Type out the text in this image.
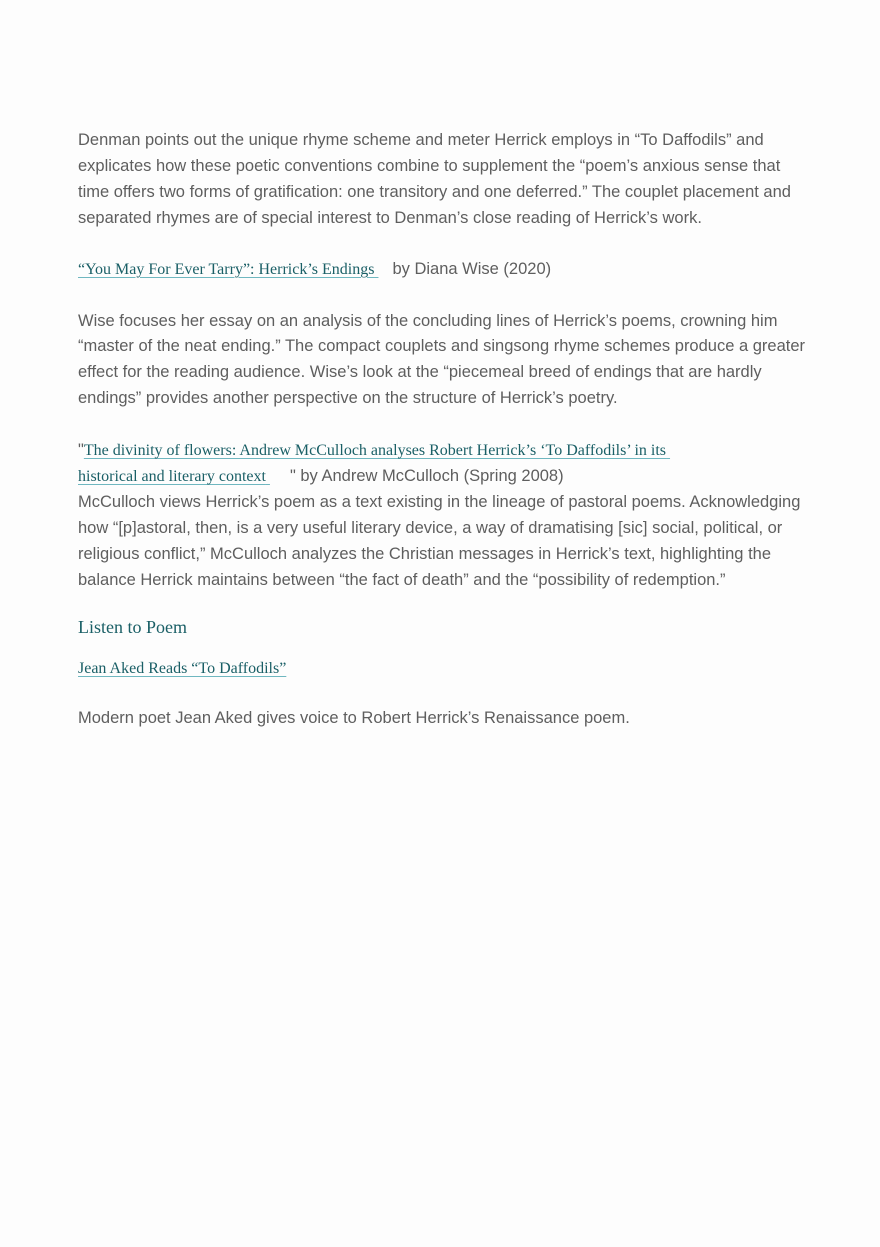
Denman points out the unique rhyme scheme and meter Herrick employs in “To Daffodils” and explicates how these poetic conventions combine to supplement the “poem’s anxious sense that time offers two forms of gratification: one transitory and one deferred.” The couplet placement and separated rhymes are of special interest to Denman’s close reading of Herrick’s work.

“You May For Ever Tarry”: Herrick’s Endings by Diana Wise (2020)

Wise focuses her essay on an analysis of the concluding lines of Herrick’s poems, crowning him “master of the neat ending.” The compact couplets and singsong rhyme schemes produce a greater effect for the reading audience. Wise’s look at the “piecemeal breed of endings that are hardly endings” provides another perspective on the structure of Herrick’s poetry.

"The divinity of flowers: Andrew McCulloch analyses Robert Herrick’s ‘To Daffodils’ in its
historical and literary context " by Andrew McCulloch (Spring 2008)

McCulloch views Herrick’s poem as a text existing in the lineage of pastoral poems. Acknowledging how “[p]astoral, then, is a very useful literary device, a way of dramatising [sic] social, political, or religious conflict,” McCulloch analyzes the Christian messages in Herrick’s text, highlighting the balance Herrick maintains between “the fact of death” and the “possibility of redemption.”

Listen to Poem

Jean Aked Reads “To Daffodils”

Modern poet Jean Aked gives voice to Robert Herrick’s Renaissance poem.
